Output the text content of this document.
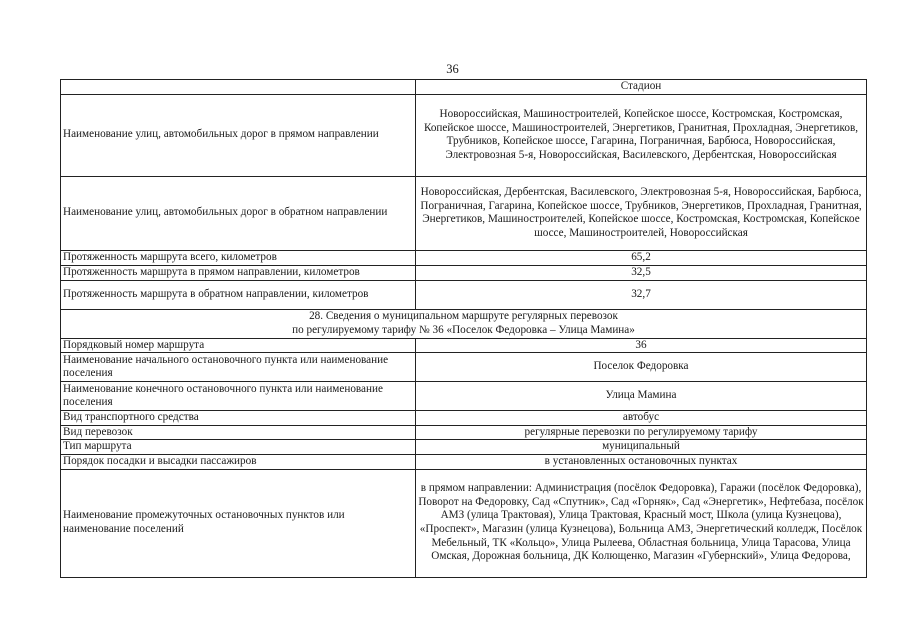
36
	Стадион
Наименование улиц, автомобильных дорог в прямом направлении	Новороссийская, Машиностроителей, Копейское шоссе, Костромская, Костромская, Копейское шоссе, Машиностроителей, Энергетиков, Гранитная, Прохладная, Энергетиков, Трубников, Копейское шоссе, Гагарина, Пограничная, Барбюса, Новороссийская, Электровозная 5-я, Новороссийская, Василевского, Дербентская, Новороссийская
Наименование улиц, автомобильных дорог в обратном направлении	Новороссийская, Дербентская, Василевского, Электровозная 5-я, Новороссийская, Барбюса, Пограничная, Гагарина, Копейское шоссе, Трубников, Энергетиков, Прохладная, Гранитная, Энергетиков, Машиностроителей, Копейское шоссе, Костромская, Костромская, Копейское шоссе, Машиностроителей, Новороссийская
Протяженность маршрута всего, километров	65,2
Протяженность маршрута в прямом направлении, километров	32,5
Протяженность маршрута в обратном направлении, километров	32,7

28. Сведения о муниципальном маршруте регулярных перевозок
по регулируемому тарифу № 36 «Поселок Федоровка – Улица Мамина»	

Порядковый номер маршрута	36
Наименование начального остановочного пункта или наименование поселения	Поселок Федоровка
Наименование конечного остановочного пункта или наименование поселения	Улица Мамина
Вид транспортного средства	автобус
Вид перевозок	регулярные перевозки по регулируемому тарифу
Тип маршрута	муниципальный
Порядок посадки и высадки пассажиров	в установленных остановочных пунктах
Наименование промежуточных остановочных пунктов или наименование поселений	в прямом направлении: Администрация (посёлок Федоровка), Гаражи (посёлок Федоровка), Поворот на Федоровку, Сад «Спутник», Сад «Горняк», Сад «Энергетик», Нефтебаза, посёлок АМЗ (улица Трактовая), Улица Трактовая, Красный мост, Школа (улица Кузнецова), «Проспект», Магазин (улица Кузнецова), Больница АМЗ, Энергетический колледж, Посёлок Мебельный, ТК «Кольцо», Улица Рылеева, Областная больница, Улица Тарасова, Улица Омская, Дорожная больница, ДК Колющенко, Магазин «Губернский», Улица Федорова,
